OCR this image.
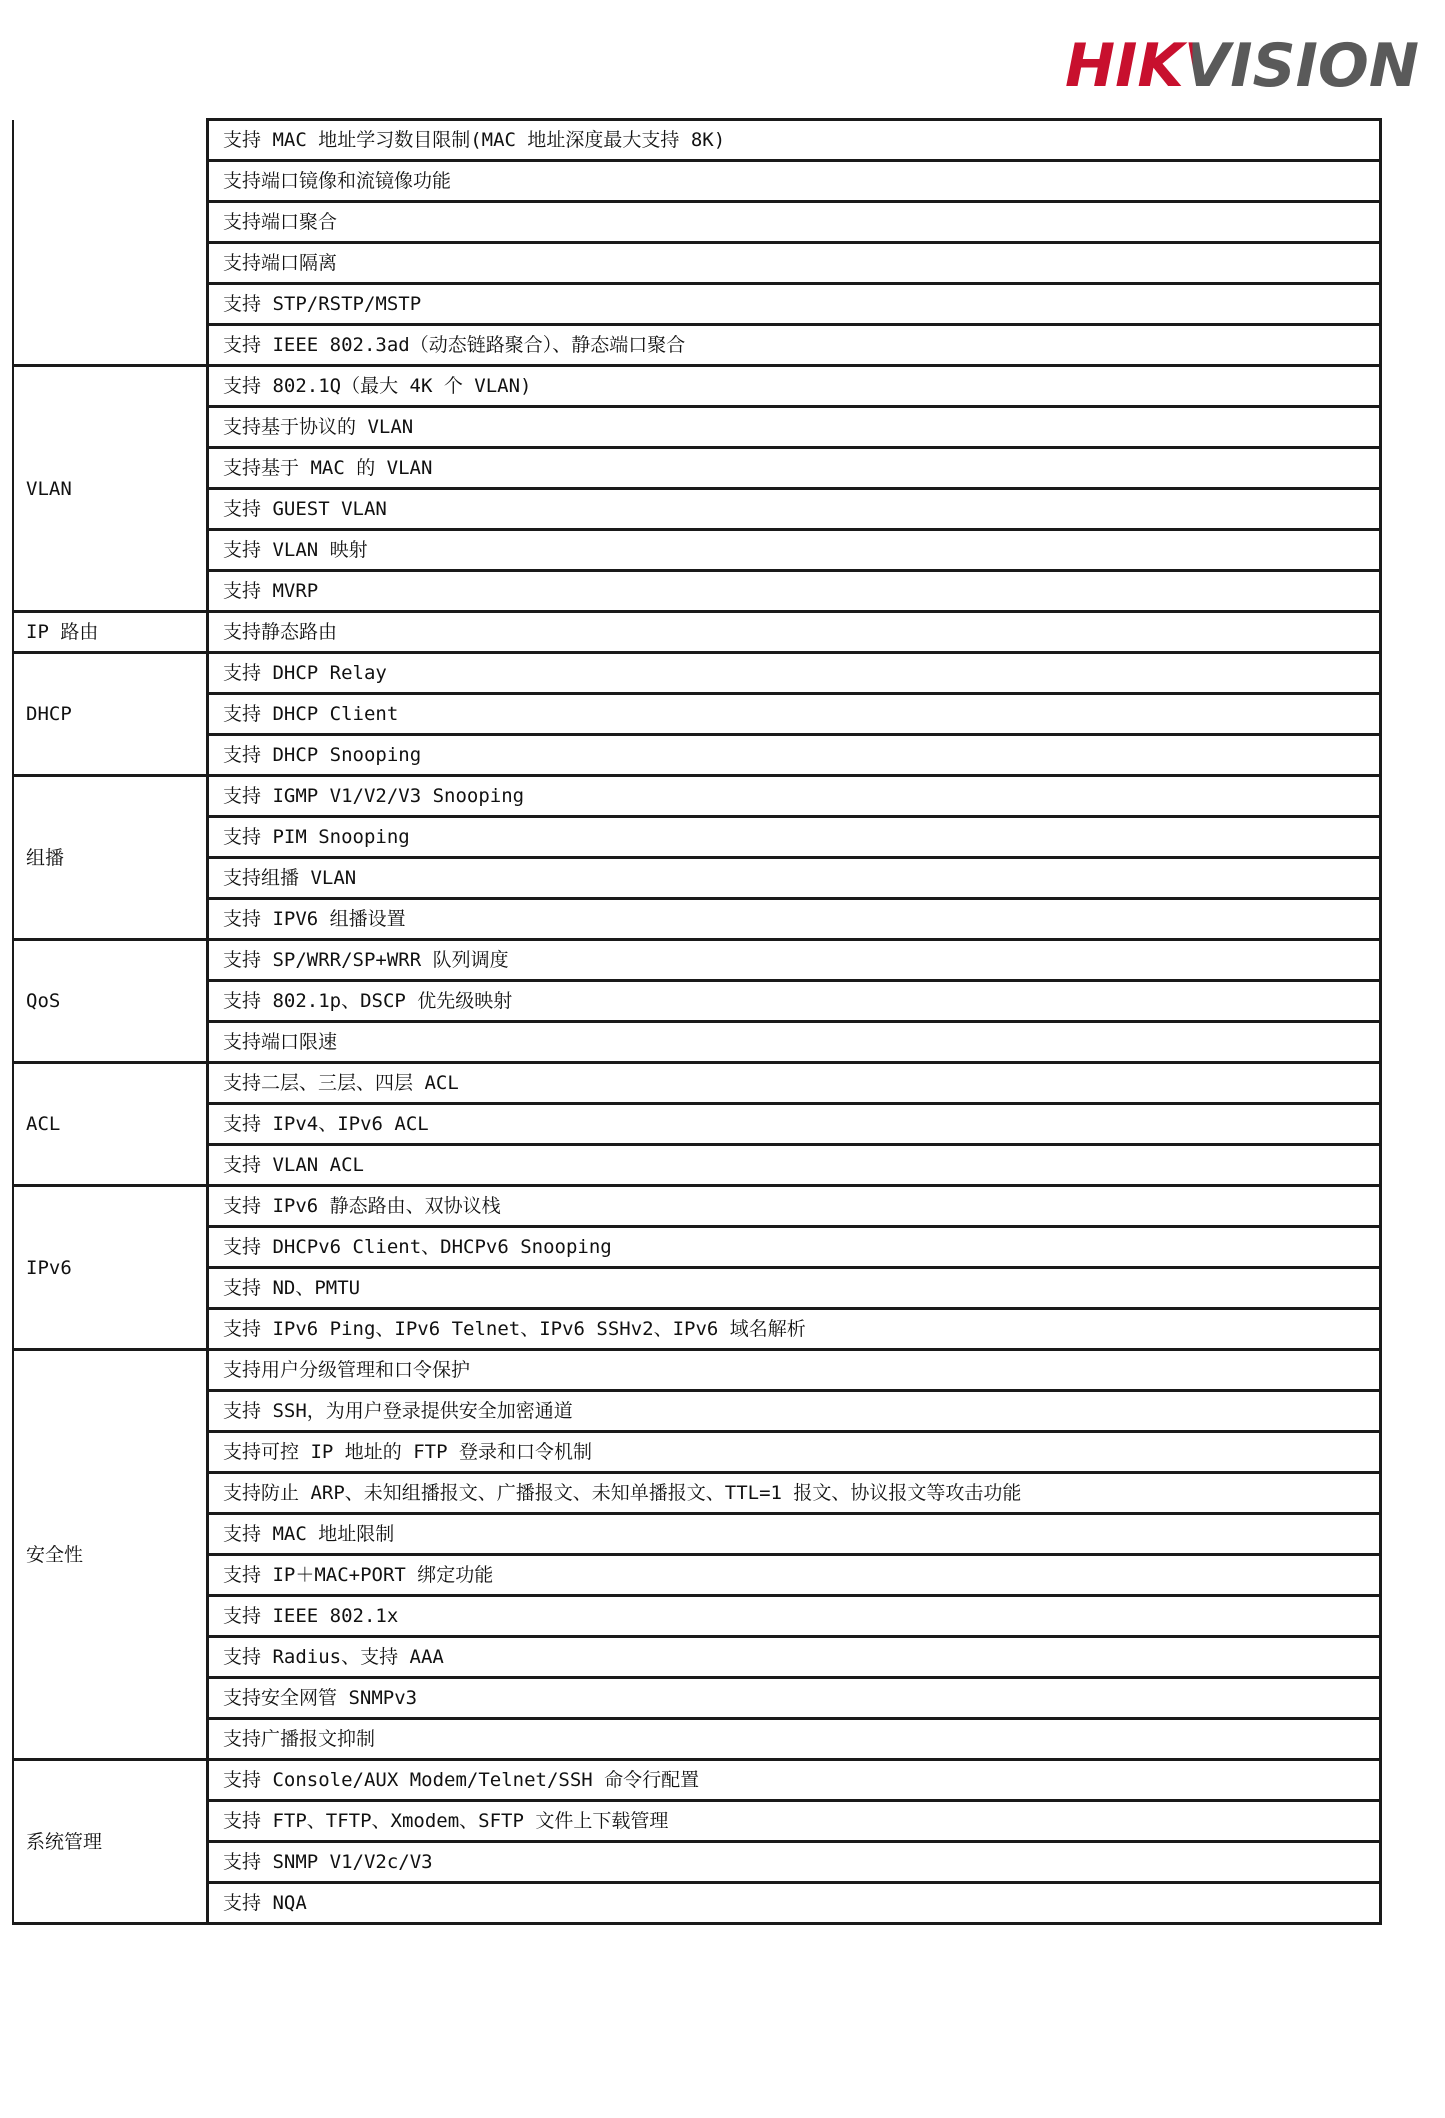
HIKVISION
	支持 MAC 地址学习数目限制(MAC 地址深度最大支持 8K)
	支持端口镜像和流镜像功能
	支持端口聚合
	支持端口隔离
	支持 STP/RSTP/MSTP
	支持 IEEE 802.3ad（动态链路聚合）、静态端口聚合
VLAN	支持 802.1Q（最大 4K 个 VLAN)
	支持基于协议的 VLAN
	支持基于 MAC 的 VLAN
	支持 GUEST VLAN
	支持 VLAN 映射
	支持 MVRP
IP 路由	支持静态路由
DHCP	支持 DHCP Relay
	支持 DHCP Client
	支持 DHCP Snooping
组播	支持 IGMP V1/V2/V3 Snooping
	支持 PIM Snooping
	支持组播 VLAN
	支持 IPV6 组播设置
QoS	支持 SP/WRR/SP+WRR 队列调度
	支持 802.1p、DSCP 优先级映射
	支持端口限速
ACL	支持二层、三层、四层 ACL
	支持 IPv4、IPv6 ACL
	支持 VLAN ACL
IPv6	支持 IPv6 静态路由、双协议栈
	支持 DHCPv6 Client、DHCPv6 Snooping
	支持 ND、PMTU
	支持 IPv6 Ping、IPv6 Telnet、IPv6 SSHv2、IPv6 域名解析
安全性	支持用户分级管理和口令保护
	支持 SSH，为用户登录提供安全加密通道
	支持可控 IP 地址的 FTP 登录和口令机制
	支持防止 ARP、未知组播报文、广播报文、未知单播报文、TTL=1 报文、协议报文等攻击功能
	支持 MAC 地址限制
	支持 IP＋MAC+PORT 绑定功能
	支持 IEEE 802.1x
	支持 Radius、支持 AAA
	支持安全网管 SNMPv3
	支持广播报文抑制
系统管理	支持 Console/AUX Modem/Telnet/SSH 命令行配置
	支持 FTP、TFTP、Xmodem、SFTP 文件上下载管理
	支持 SNMP V1/V2c/V3
	支持 NQA
